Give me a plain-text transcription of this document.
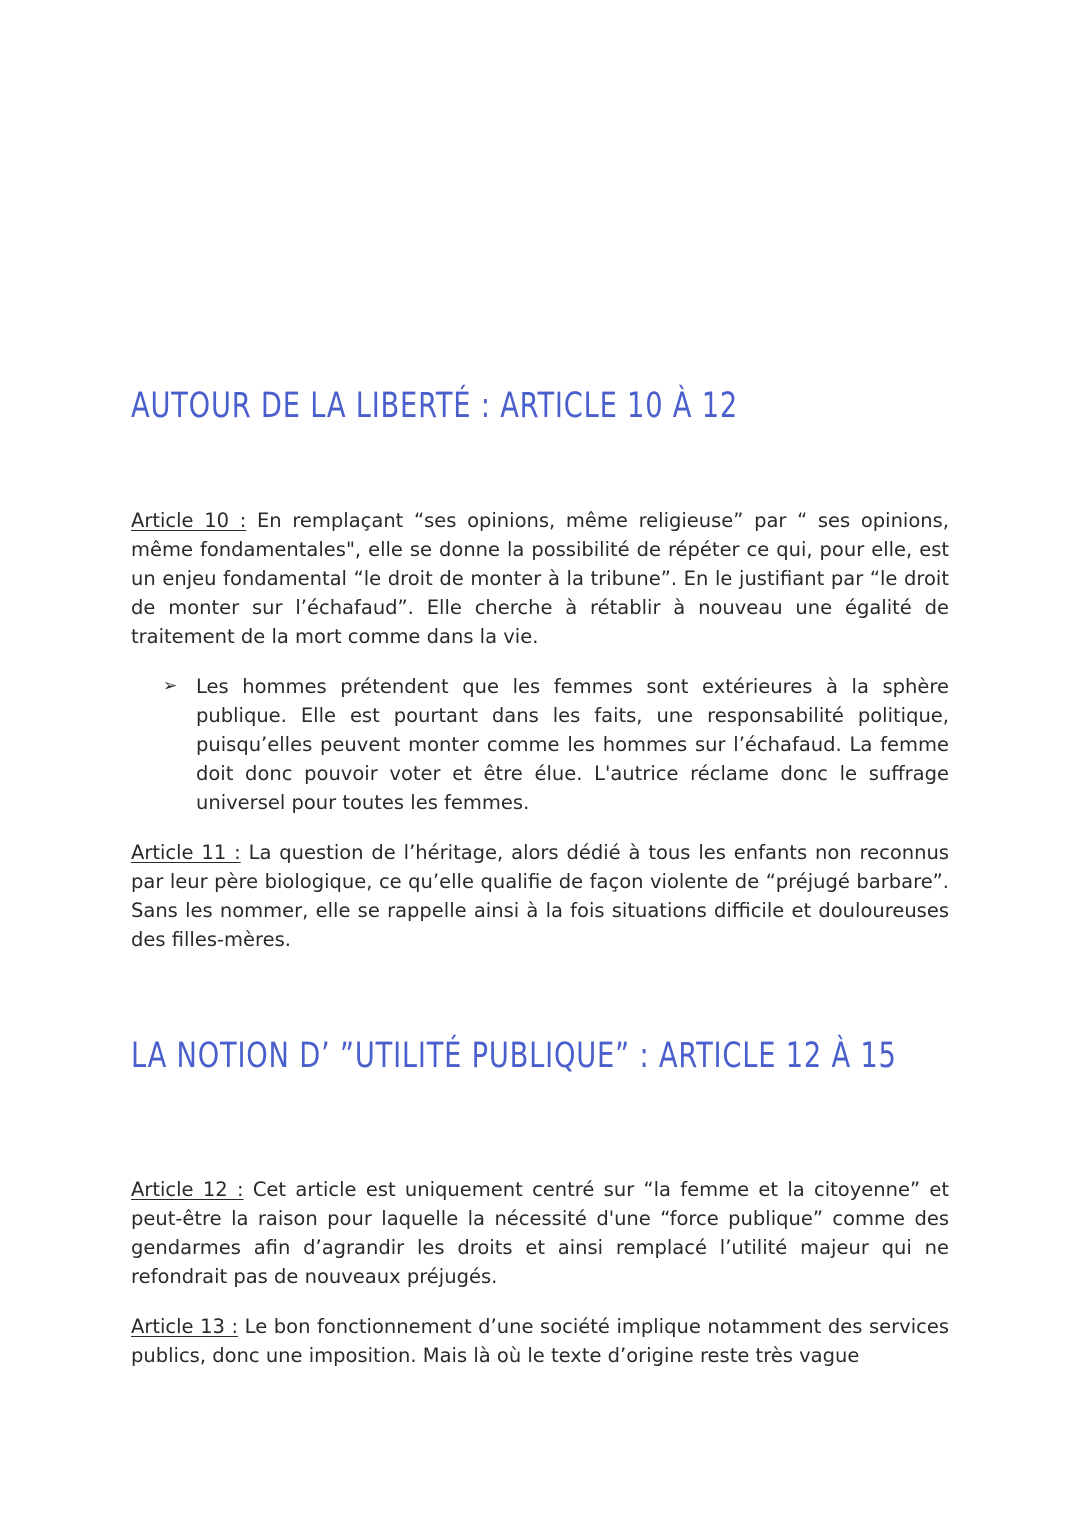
AUTOUR DE LA LIBERTÉ : ARTICLE 10 À 12

Article 10 : En remplaçant “ses opinions, même religieuse” par “ ses opinions, même fondamentales", elle se donne la possibilité de répéter ce qui, pour elle, est un enjeu fondamental “le droit de monter à la tribune”. En le justifiant par “le droit de monter sur l’échafaud”. Elle cherche à rétablir à nouveau une égalité de traitement de la mort comme dans la vie.

➢ Les hommes prétendent que les femmes sont extérieures à la sphère publique. Elle est pourtant dans les faits, une responsabilité politique, puisqu’elles peuvent monter comme les hommes sur l’échafaud. La femme doit donc pouvoir voter et être élue. L'autrice réclame donc le suffrage universel pour toutes les femmes.

Article 11 : La question de l’héritage, alors dédié à tous les enfants non reconnus par leur père biologique, ce qu’elle qualifie de façon violente de “préjugé barbare”. Sans les nommer, elle se rappelle ainsi à la fois situations difficile et douloureuses des filles-mères.

LA NOTION D’ ”UTILITÉ PUBLIQUE” : ARTICLE 12 À 15

Article 12 : Cet article est uniquement centré sur “la femme et la citoyenne” et peut-être la raison pour laquelle la nécessité d'une “force publique” comme des gendarmes afin d’agrandir les droits et ainsi remplacé l’utilité majeur qui ne refondrait pas de nouveaux préjugés.

Article 13 : Le bon fonctionnement d’une société implique notamment des services publics, donc une imposition. Mais là où le texte d’origine reste très vague
